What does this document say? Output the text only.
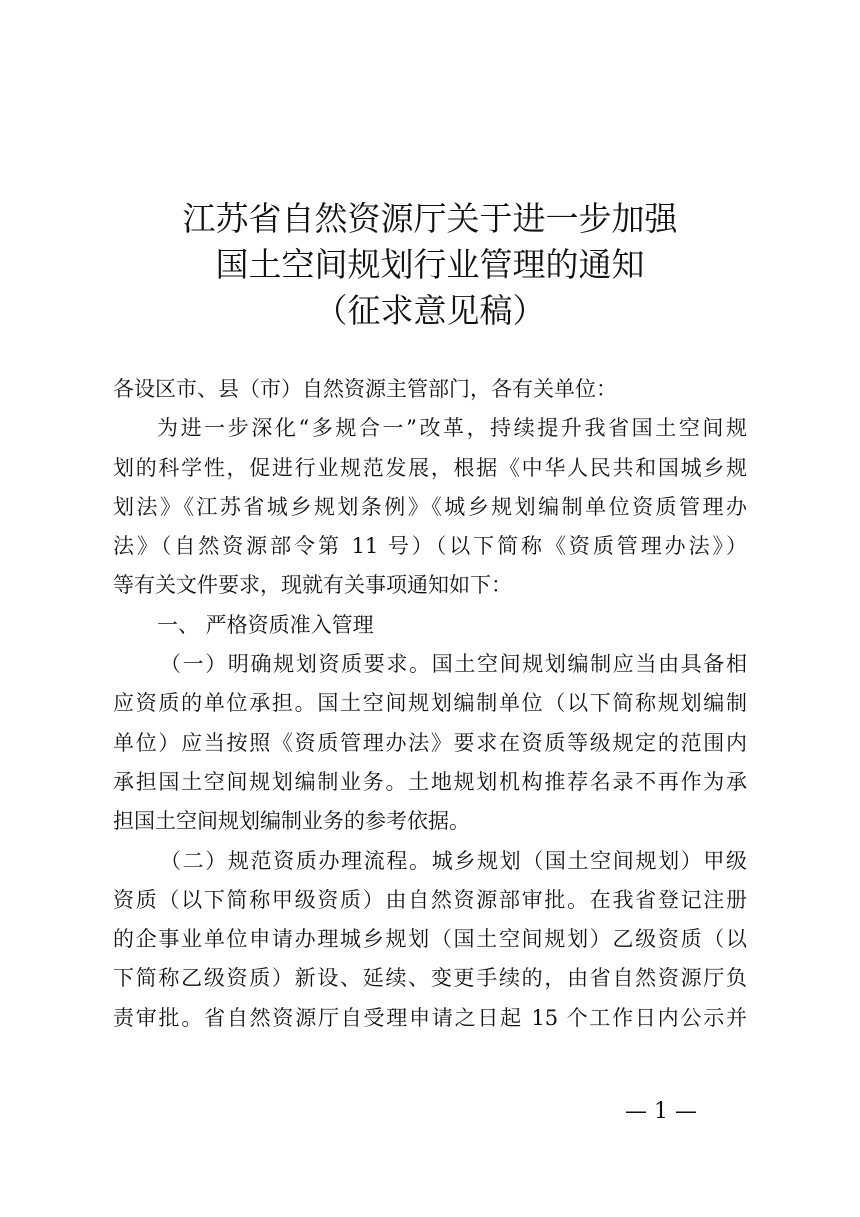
江苏省自然资源厅关于进一步加强
国土空间规划行业管理的通知
（征求意见稿）
各设区市、县（市）自然资源主管部门，各有关单位：
为进一步深化“多规合一”改革，持续提升我省国土空间规
划的科学性，促进行业规范发展，根据《中华人民共和国城乡规
划法》《江苏省城乡规划条例》《城乡规划编制单位资质管理办
法》（自然资源部令第 11 号）（以下简称《资质管理办法》）
等有关文件要求，现就有关事项通知如下：
一、 严格资质准入管理
（一）明确规划资质要求。国土空间规划编制应当由具备相
应资质的单位承担。国土空间规划编制单位（以下简称规划编制
单位）应当按照《资质管理办法》要求在资质等级规定的范围内
承担国土空间规划编制业务。土地规划机构推荐名录不再作为承
担国土空间规划编制业务的参考依据。
（二）规范资质办理流程。城乡规划（国土空间规划）甲级
资质（以下简称甲级资质）由自然资源部审批。在我省登记注册
的企事业单位申请办理城乡规划（国土空间规划）乙级资质（以
下简称乙级资质）新设、延续、变更手续的，由省自然资源厅负
责审批。省自然资源厅自受理申请之日起 15 个工作日内公示并
— 1 —
